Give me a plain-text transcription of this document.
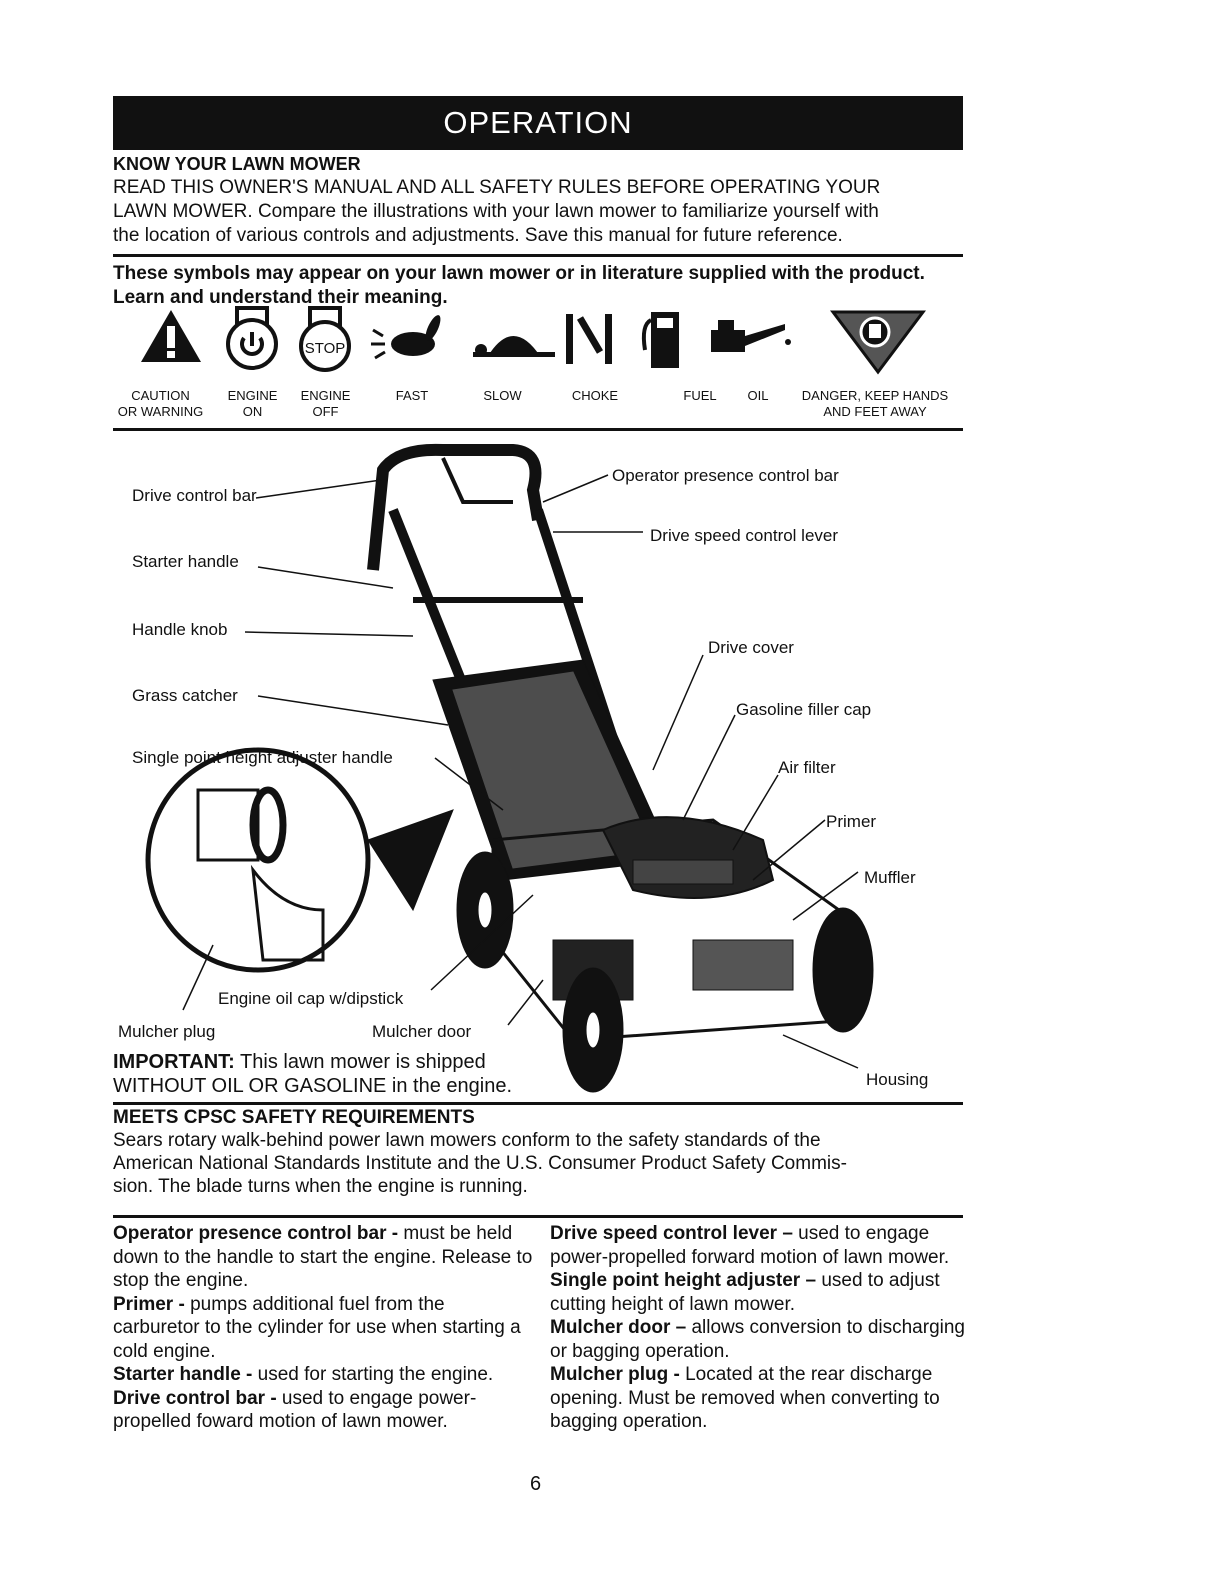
OPERATION
KNOW YOUR LAWN MOWER
READ THIS OWNER'S MANUAL AND ALL SAFETY RULES BEFORE OPERATING YOUR
LAWN MOWER. Compare the illustrations with your lawn mower to familiarize yourself with
the location of various controls and adjustments. Save this manual for future reference.
These symbols may appear on your lawn mower or in literature supplied with the product.
Learn and understand their meaning.
STOP
CAUTION
OR WARNING
ENGINE
ON
ENGINE
OFF
FAST	SLOW	CHOKE	FUEL	OIL	DANGER, KEEP HANDS
AND FEET AWAY
Drive control bar
Starter handle
Handle knob
Grass catcher
Single point height adjuster handle
Operator presence control bar
Drive speed control lever
Drive cover
Gasoline filler cap
Air filter
Primer
Muffler
Engine oil cap w/dipstick
Mulcher plug	Mulcher door
Housing
IMPORTANT: This lawn mower is shipped
WITHOUT OIL OR GASOLINE in the engine.
MEETS CPSC SAFETY REQUIREMENTS
Sears rotary walk-behind power lawn mowers conform to the safety standards of the
American National Standards Institute and the U.S. Consumer Product Safety Commis-
sion. The blade turns when the engine is running.
Operator presence control bar - must be held down to the handle to start the engine. Release to stop the engine.
Primer - pumps additional fuel from the carburetor to the cylinder for use when starting a cold engine.
Starter handle - used for starting the engine.
Drive control bar - used to engage power-propelled foward motion of lawn mower.
Drive speed control lever – used to engage power-propelled forward motion of lawn mower.
Single point height adjuster – used to adjust cutting height of lawn mower.
Mulcher door – allows conversion to discharging or bagging operation.
Mulcher plug - Located at the rear discharge opening. Must be removed when converting to bagging operation.
6
